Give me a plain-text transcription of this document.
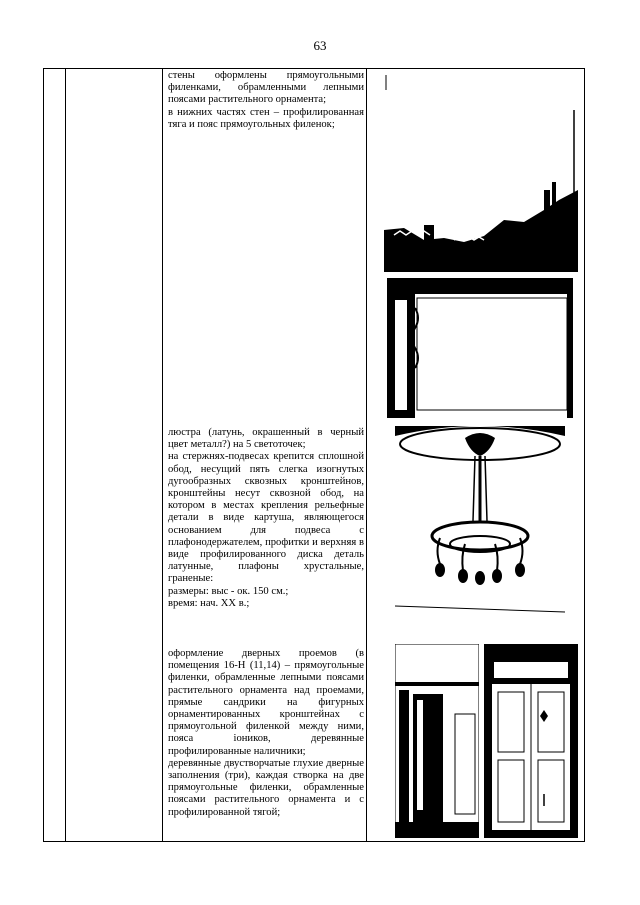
63

стены оформлены прямоугольными филенками, обрамленными лепными поясами растительного орнамента;

в нижних частях стен – профилированная тяга и пояс прямоугольных филенок;

люстра (латунь, окрашенный в черный цвет металл?) на 5 светоточек;

на стержнях-подвесах крепится сплошной обод, несущий пять слегка изогнутых дугообразных сквозных кронштейнов, кронштейны несут сквозной обод, на котором в местах крепления рельефные детали в виде картуша, являющегося основанием для подвеса с плафонодержателем, профитки и верхняя в виде профилированного диска деталь латунные, плафоны хрустальные, граненые:

размеры: выс - ок. 150 см.;

время: нач. XX в.;

оформление дверных проемов (в помещения 16-Н (11,14) – прямоугольные филенки, обрамленные лепными поясами растительного орнамента над проемами, прямые сандрики на фигурных орнаментированных кронштейнах с прямоугольной филенкой между ними, пояса ioников, деревянные профилированные наличники;

деревянные двустворчатые глухие дверные заполнения (три), каждая створка на две прямоугольные филенки, обрамленные поясами растительного орнамента и с профилированной тягой;
